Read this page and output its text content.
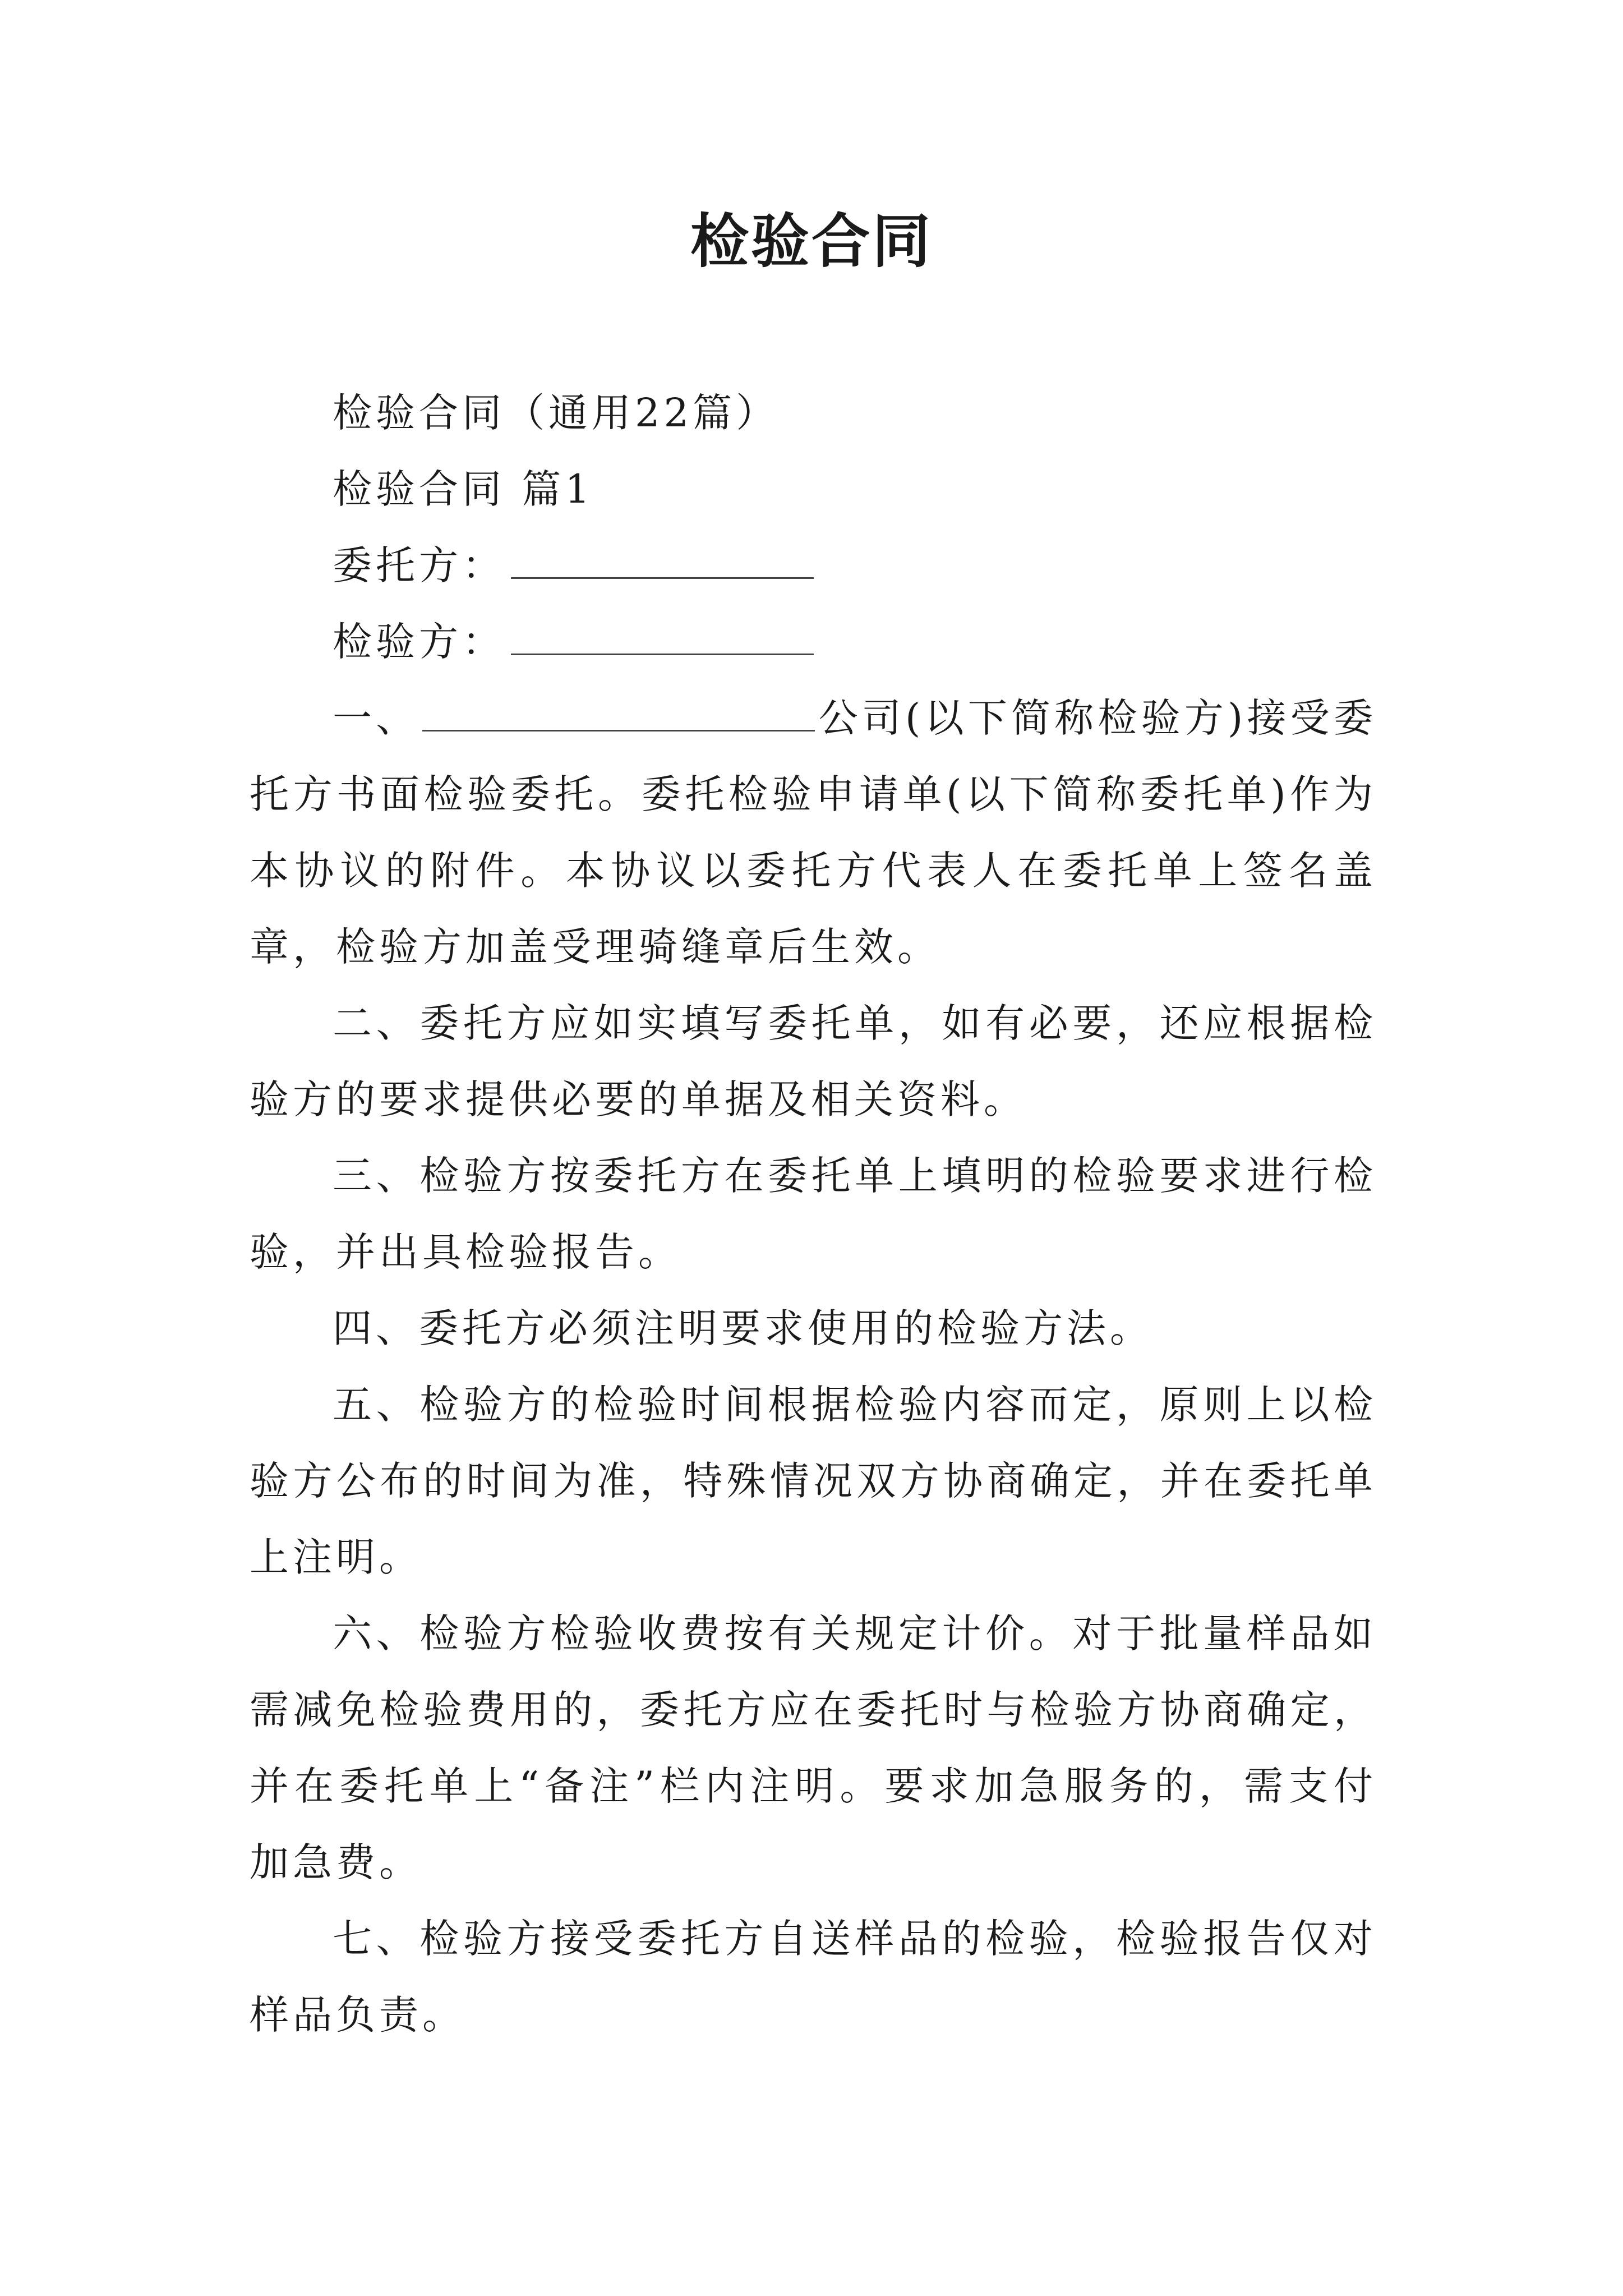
检验合同

检验合同（通用22篇）

检验合同 篇1

委托方：

检验方：

一、	公司(以下简称检验方)接受委托方书面检验委托。委托检验申请单(以下简称委托单)作为本协议的附件。本协议以委托方代表人在委托单上签名盖章，检验方加盖受理骑缝章后生效。

二、委托方应如实填写委托单，如有必要，还应根据检验方的要求提供必要的单据及相关资料。

三、检验方按委托方在委托单上填明的检验要求进行检验，并出具检验报告。

四、委托方必须注明要求使用的检验方法。

五、检验方的检验时间根据检验内容而定，原则上以检验方公布的时间为准，特殊情况双方协商确定，并在委托单上注明。

六、检验方检验收费按有关规定计价。对于批量样品如需减免检验费用的，委托方应在委托时与检验方协商确定，并在委托单上“备注”栏内注明。要求加急服务的，需支付加急费。

七、检验方接受委托方自送样品的检验，检验报告仅对样品负责。
